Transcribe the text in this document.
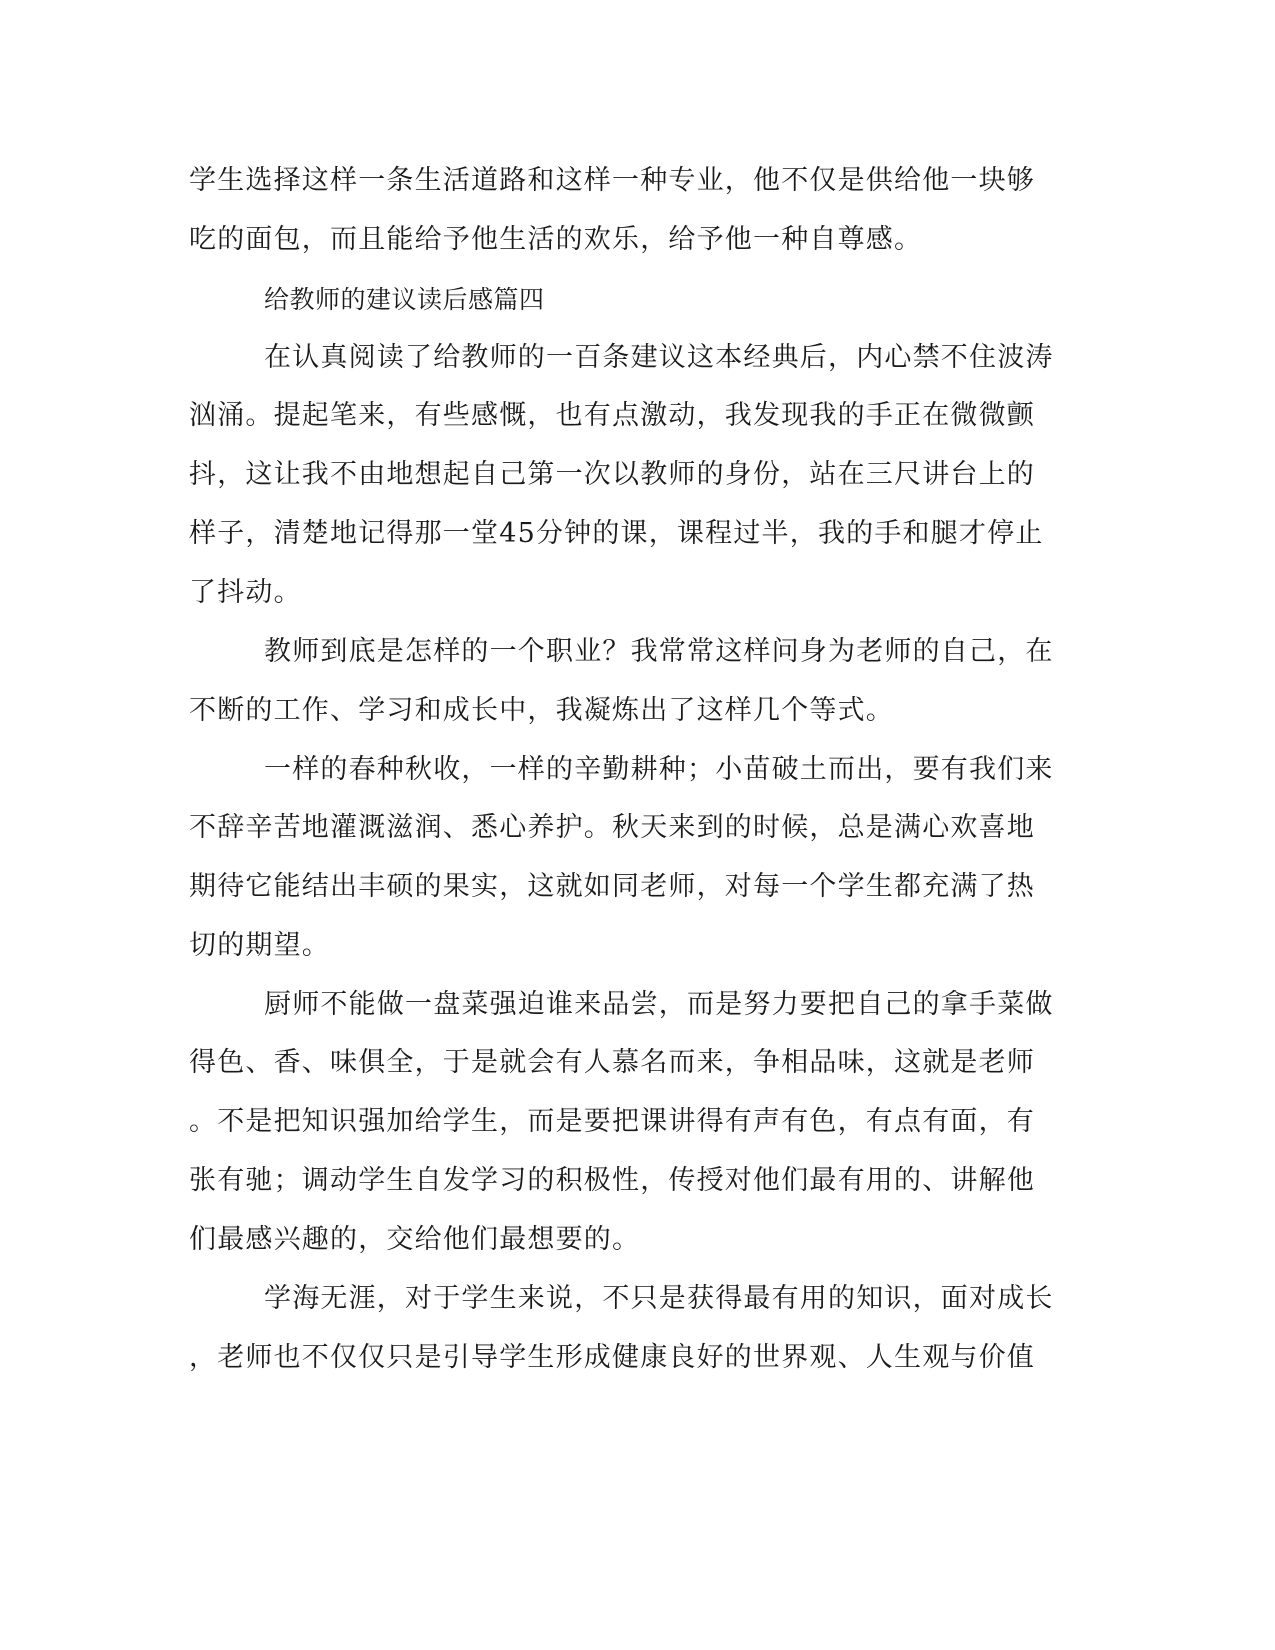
学生选择这样一条生活道路和这样一种专业，他不仅是供给他一块够
吃的面包，而且能给予他生活的欢乐，给予他一种自尊感。
给教师的建议读后感篇四
在认真阅读了给教师的一百条建议这本经典后，内心禁不住波涛
汹涌。提起笔来，有些感慨，也有点激动，我发现我的手正在微微颤
抖，这让我不由地想起自己第一次以教师的身份，站在三尺讲台上的
样子，清楚地记得那一堂45分钟的课，课程过半，我的手和腿才停止
了抖动。
教师到底是怎样的一个职业？我常常这样问身为老师的自己，在
不断的工作、学习和成长中，我凝炼出了这样几个等式。
一样的春种秋收，一样的辛勤耕种；小苗破土而出，要有我们来
不辞辛苦地灌溉滋润、悉心养护。秋天来到的时候，总是满心欢喜地
期待它能结出丰硕的果实，这就如同老师，对每一个学生都充满了热
切的期望。
厨师不能做一盘菜强迫谁来品尝，而是努力要把自己的拿手菜做
得色、香、味俱全，于是就会有人慕名而来，争相品味，这就是老师
。不是把知识强加给学生，而是要把课讲得有声有色，有点有面，有
张有驰；调动学生自发学习的积极性，传授对他们最有用的、讲解他
们最感兴趣的，交给他们最想要的。
学海无涯，对于学生来说，不只是获得最有用的知识，面对成长
，老师也不仅仅只是引导学生形成健康良好的世界观、人生观与价值
